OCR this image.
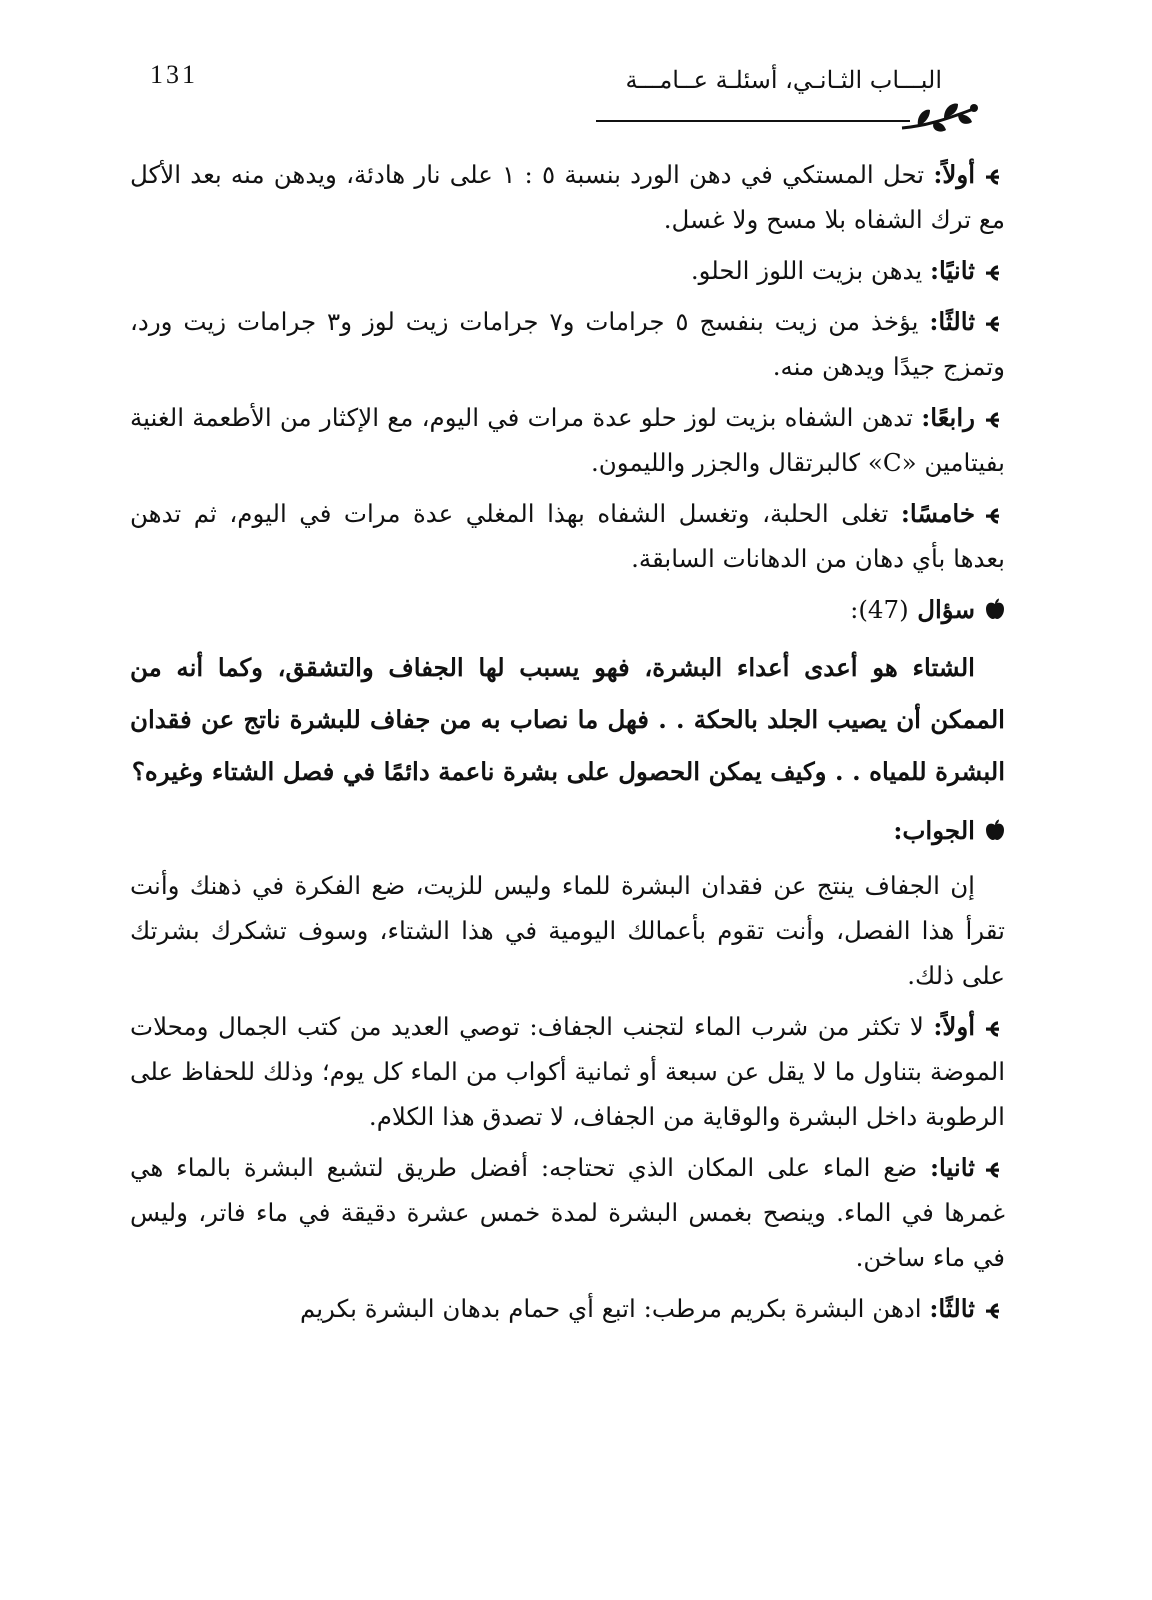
131	البـــاب الثـانـي، أسئلـة عــامـــة
أولاً: تحل المستكي في دهن الورد بنسبة ٥ : ١ على نار هادئة، ويدهن منه بعد الأكل مع ترك الشفاه بلا مسح ولا غسل.
ثانيًا: يدهن بزيت اللوز الحلو.
ثالثًا: يؤخذ من زيت بنفسج ٥ جرامات و٧ جرامات زيت لوز و٣ جرامات زيت ورد، وتمزج جيدًا ويدهن منه.
رابعًا: تدهن الشفاه بزيت لوز حلو عدة مرات في اليوم، مع الإكثار من الأطعمة الغنية بفيتامين «C» كالبرتقال والجزر والليمون.
خامسًا: تغلى الحلبة، وتغسل الشفاه بهذا المغلي عدة مرات في اليوم، ثم تدهن بعدها بأي دهان من الدهانات السابقة.
سؤال (47):
الشتاء هو أعدى أعداء البشرة، فهو يسبب لها الجفاف والتشقق، وكما أنه من الممكن أن يصيب الجلد بالحكة . . فهل ما نصاب به من جفاف للبشرة ناتج عن فقدان البشرة للمياه . . وكيف يمكن الحصول على بشرة ناعمة دائمًا في فصل الشتاء وغيره؟
الجواب:
إن الجفاف ينتج عن فقدان البشرة للماء وليس للزيت، ضع الفكرة في ذهنك وأنت تقرأ هذا الفصل، وأنت تقوم بأعمالك اليومية في هذا الشتاء، وسوف تشكرك بشرتك على ذلك.
أولاً: لا تكثر من شرب الماء لتجنب الجفاف: توصي العديد من كتب الجمال ومحلات الموضة بتناول ما لا يقل عن سبعة أو ثمانية أكواب من الماء كل يوم؛ وذلك للحفاظ على الرطوبة داخل البشرة والوقاية من الجفاف، لا تصدق هذا الكلام.
ثانيا: ضع الماء على المكان الذي تحتاجه: أفضل طريق لتشبع البشرة بالماء هي غمرها في الماء. وينصح بغمس البشرة لمدة خمس عشرة دقيقة في ماء فاتر، وليس في ماء ساخن.
ثالثًا: ادهن البشرة بكريم مرطب: اتبع أي حمام بدهان البشرة بكريم
